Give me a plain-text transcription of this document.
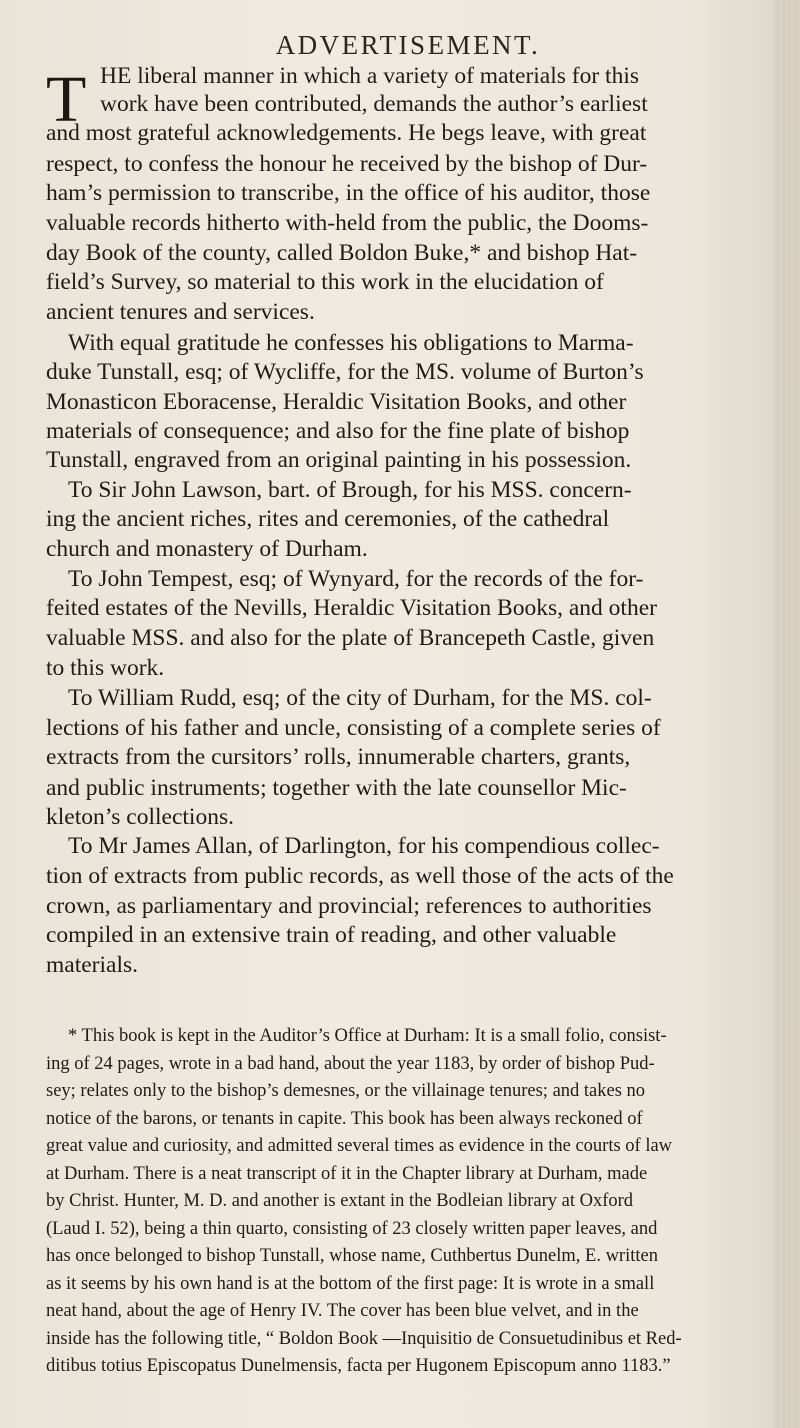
ADVERTISEMENT.
T HE liberal manner in which a variety of materials for this
work have been contributed, demands the author’s earliest
and most grateful acknowledgements. He begs leave, with great
respect, to confess the honour he received by the bishop of Dur-
ham’s permission to transcribe, in the office of his auditor, those
valuable records hitherto with-held from the public, the Dooms-
day Book of the county, called Boldon Buke,* and bishop Hat-
field’s Survey, so material to this work in the elucidation of
ancient tenures and services.
With equal gratitude he confesses his obligations to Marma-
duke Tunstall, esq; of Wycliffe, for the MS. volume of Burton’s
Monasticon Eboracense, Heraldic Visitation Books, and other
materials of consequence; and also for the fine plate of bishop
Tunstall, engraved from an original painting in his possession.
To Sir John Lawson, bart. of Brough, for his MSS. concern-
ing the ancient riches, rites and ceremonies, of the cathedral
church and monastery of Durham.
To John Tempest, esq; of Wynyard, for the records of the for-
feited estates of the Nevills, Heraldic Visitation Books, and other
valuable MSS. and also for the plate of Brancepeth Castle, given
to this work.
To William Rudd, esq; of the city of Durham, for the MS. col-
lections of his father and uncle, consisting of a complete series of
extracts from the cursitors’ rolls, innumerable charters, grants,
and public instruments; together with the late counsellor Mic-
kleton’s collections.
To Mr James Allan, of Darlington, for his compendious collec-
tion of extracts from public records, as well those of the acts of the
crown, as parliamentary and provincial; references to authorities
compiled in an extensive train of reading, and other valuable
materials.
* This book is kept in the Auditor’s Office at Durham: It is a small folio, consist-
ing of 24 pages, wrote in a bad hand, about the year 1183, by order of bishop Pud-
sey; relates only to the bishop’s demesnes, or the villainage tenures; and takes no
notice of the barons, or tenants in capite. This book has been always reckoned of
great value and curiosity, and admitted several times as evidence in the courts of law
at Durham. There is a neat transcript of it in the Chapter library at Durham, made
by Christ. Hunter, M. D. and another is extant in the Bodleian library at Oxford
(Laud I. 52), being a thin quarto, consisting of 23 closely written paper leaves, and
has once belonged to bishop Tunstall, whose name, Cuthbertus Dunelm, E. written
as it seems by his own hand is at the bottom of the first page: It is wrote in a small
neat hand, about the age of Henry IV. The cover has been blue velvet, and in the
inside has the following title, “ Boldon Book —Inquisitio de Consuetudinibus et Red-
ditibus totius Episcopatus Dunelmensis, facta per Hugonem Episcopum anno 1183.”
